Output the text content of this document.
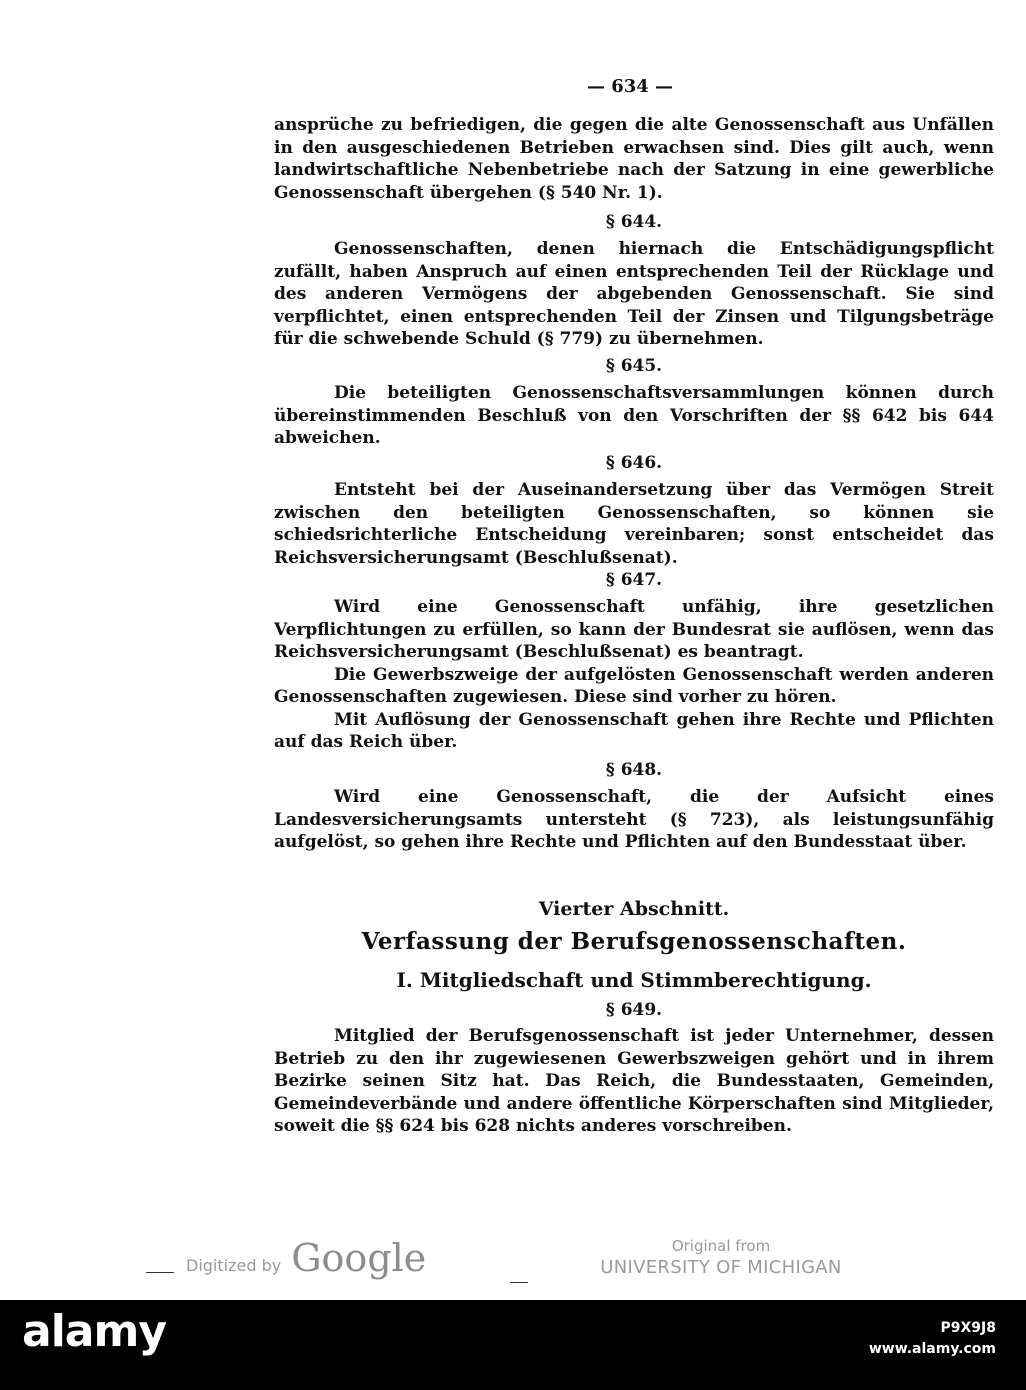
— 634 —

ansprüche zu befriedigen, die gegen die alte Genossenschaft aus Unfällen in den ausgeschiedenen Betrieben erwachsen sind. Dies gilt auch, wenn landwirtschaftliche Nebenbetriebe nach der Satzung in eine gewerbliche Genossenschaft übergehen (§ 540 Nr. 1).

§ 644.

Genossenschaften, denen hiernach die Entschädigungspflicht zufällt, haben Anspruch auf einen entsprechenden Teil der Rücklage und des anderen Vermögens der abgebenden Genossenschaft. Sie sind verpflichtet, einen entsprechenden Teil der Zinsen und Tilgungsbeträge für die schwebende Schuld (§ 779) zu übernehmen.

§ 645.

Die beteiligten Genossenschaftsversammlungen können durch übereinstimmenden Beschluß von den Vorschriften der §§ 642 bis 644 abweichen.

§ 646.

Entsteht bei der Auseinandersetzung über das Vermögen Streit zwischen den beteiligten Genossenschaften, so können sie schiedsrichterliche Entscheidung vereinbaren; sonst entscheidet das Reichsversicherungsamt (Beschlußsenat).

§ 647.

Wird eine Genossenschaft unfähig, ihre gesetzlichen Verpflichtungen zu erfüllen, so kann der Bundesrat sie auflösen, wenn das Reichsversicherungsamt (Beschlußsenat) es beantragt.

Die Gewerbszweige der aufgelösten Genossenschaft werden anderen Genossenschaften zugewiesen. Diese sind vorher zu hören.

Mit Auflösung der Genossenschaft gehen ihre Rechte und Pflichten auf das Reich über.

§ 648.

Wird eine Genossenschaft, die der Aufsicht eines Landesversicherungsamts untersteht (§ 723), als leistungsunfähig aufgelöst, so gehen ihre Rechte und Pflichten auf den Bundesstaat über.

Vierter Abschnitt.
Verfassung der Berufsgenossenschaften.
I. Mitgliedschaft und Stimmberechtigung.
§ 649.

Mitglied der Berufsgenossenschaft ist jeder Unternehmer, dessen Betrieb zu den ihr zugewiesenen Gewerbszweigen gehört und in ihrem Bezirke seinen Sitz hat. Das Reich, die Bundesstaaten, Gemeinden, Gemeindeverbände und andere öffentliche Körperschaften sind Mitglieder, soweit die §§ 624 bis 628 nichts anderes vorschreiben.

Digitized by Google	Original from
UNIVERSITY OF MICHIGAN
alamy	P9X9J8
www.alamy.com
